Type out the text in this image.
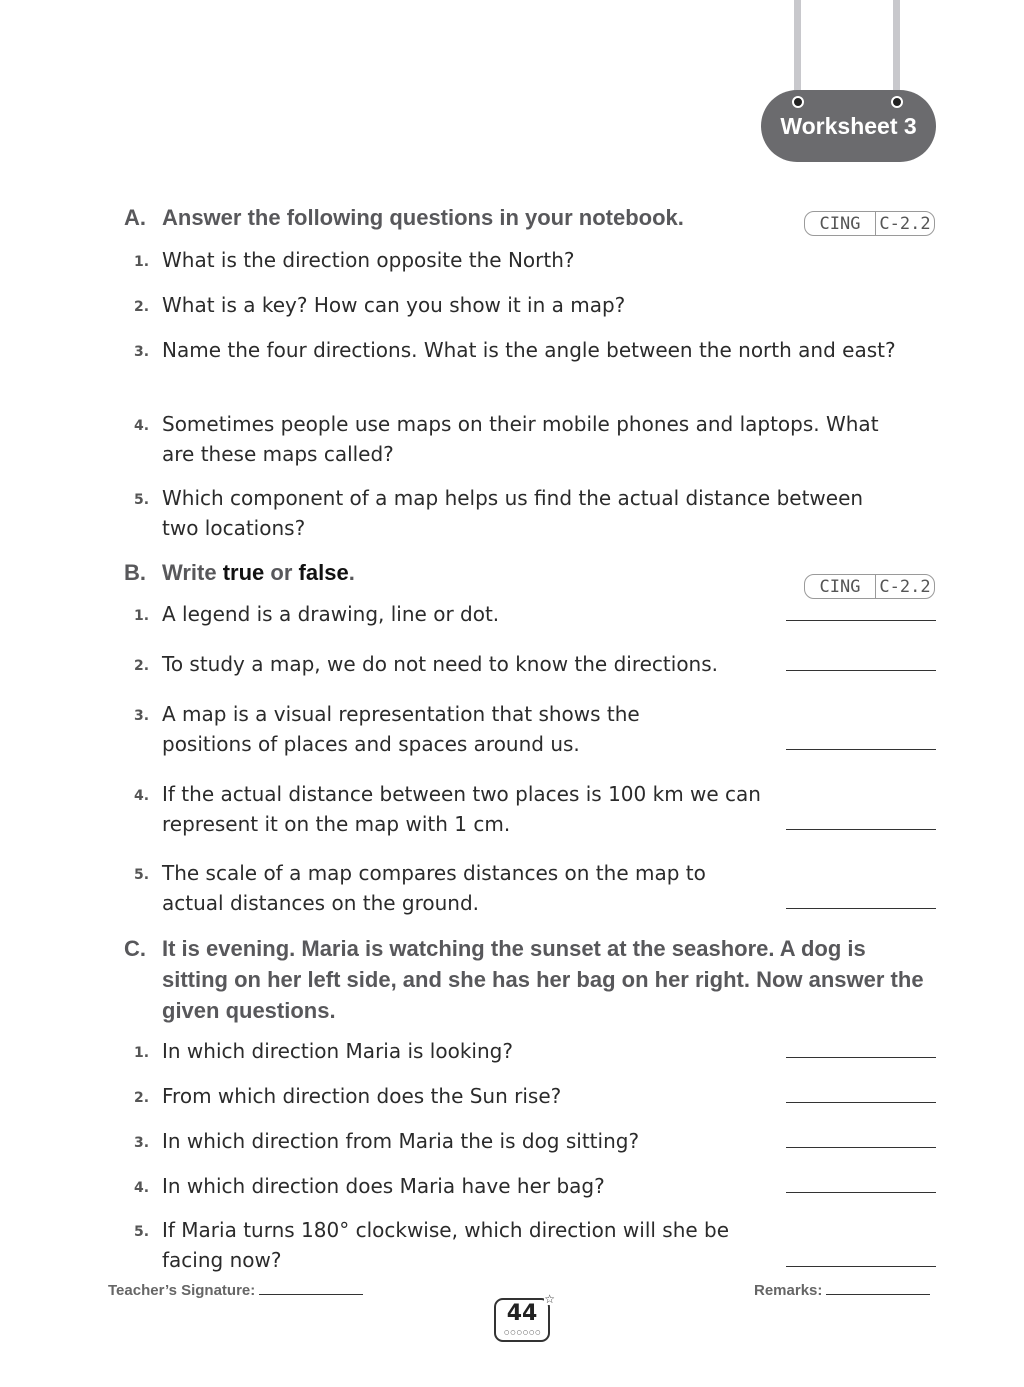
Worksheet 3
A. Answer the following questions in your notebook.	CING	C-2.2
1. What is the direction opposite the North?
2. What is a key? How can you show it in a map?
3. Name the four directions. What is the angle between the north and east?
4. Sometimes people use maps on their mobile phones and laptops. What are these maps called?
5. Which component of a map helps us find the actual distance between two locations?
B. Write true or false.
CING	C-2.2
1. A legend is a drawing, line or dot.
2. To study a map, we do not need to know the directions.
3. A map is a visual representation that shows the positions of places and spaces around us.
4. If the actual distance between two places is 100 km we can represent it on the map with 1 cm.
5. The scale of a map compares distances on the map to actual distances on the ground.
C. It is evening. Maria is watching the sunset at the seashore. A dog is sitting on her left side, and she has her bag on her right. Now answer the given questions.
1. In which direction Maria is looking?
2. From which direction does the Sun rise?
3. In which direction from Maria the is dog sitting?
4. In which direction does Maria have her bag?
5. If Maria turns 180° clockwise, which direction will she be facing now?
Teacher’s Signature:	Remarks:
44
○○○○○○
☆
